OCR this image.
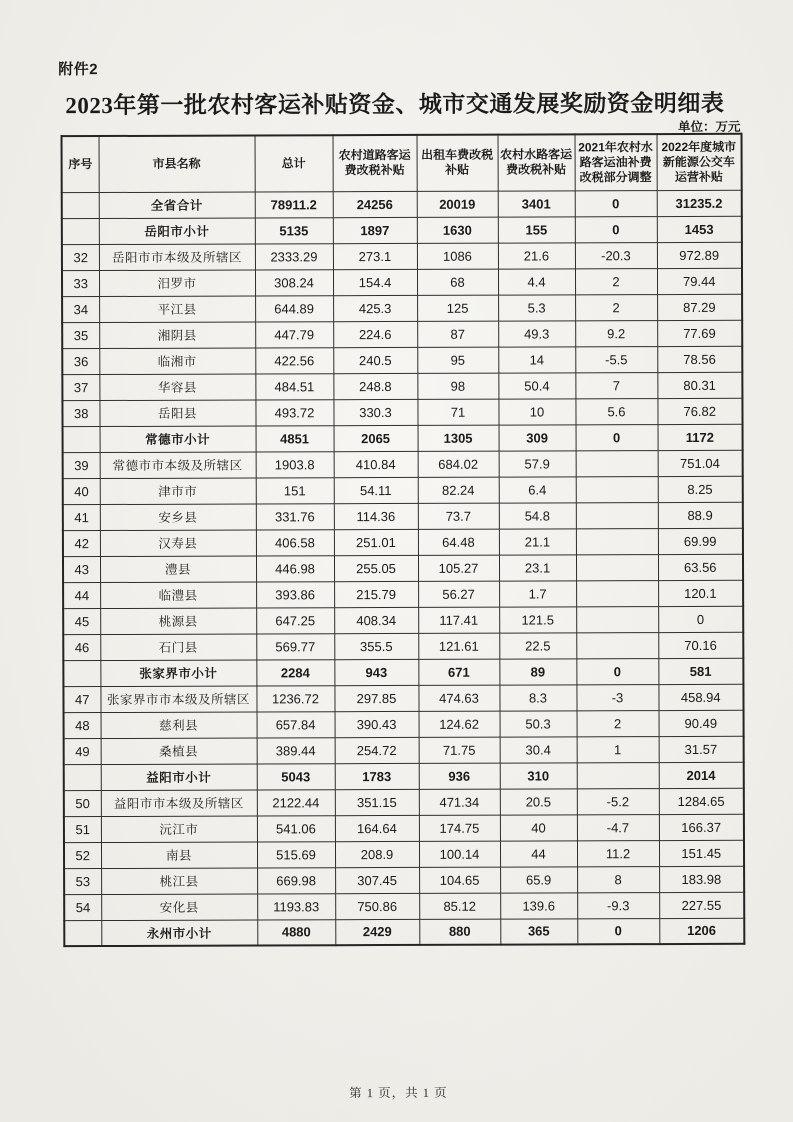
附件2
2023年第一批农村客运补贴资金、城市交通发展奖励资金明细表
单位：万元
序号	市县名称	总计	农村道路客运费改税补贴	出租车费改税补贴	农村水路客运费改税补贴	2021年农村水路客运油补费改税部分调整	2022年度城市新能源公交车运营补贴
	全省合计	78911.2	24256	20019	3401	0	31235.2
	岳阳市小计	5135	1897	1630	155	0	1453
32	岳阳市市本级及所辖区	2333.29	273.1	1086	21.6	-20.3	972.89
33	汨罗市	308.24	154.4	68	4.4	2	79.44
34	平江县	644.89	425.3	125	5.3	2	87.29
35	湘阴县	447.79	224.6	87	49.3	9.2	77.69
36	临湘市	422.56	240.5	95	14	-5.5	78.56
37	华容县	484.51	248.8	98	50.4	7	80.31
38	岳阳县	493.72	330.3	71	10	5.6	76.82
	常德市小计	4851	2065	1305	309	0	1172
39	常德市市本级及所辖区	1903.8	410.84	684.02	57.9		751.04
40	津市市	151	54.11	82.24	6.4		8.25
41	安乡县	331.76	114.36	73.7	54.8		88.9
42	汉寿县	406.58	251.01	64.48	21.1		69.99
43	澧县	446.98	255.05	105.27	23.1		63.56
44	临澧县	393.86	215.79	56.27	1.7		120.1
45	桃源县	647.25	408.34	117.41	121.5		0
46	石门县	569.77	355.5	121.61	22.5		70.16
	张家界市小计	2284	943	671	89	0	581
47	张家界市市本级及所辖区	1236.72	297.85	474.63	8.3	-3	458.94
48	慈利县	657.84	390.43	124.62	50.3	2	90.49
49	桑植县	389.44	254.72	71.75	30.4	1	31.57
	益阳市小计	5043	1783	936	310		2014
50	益阳市市本级及所辖区	2122.44	351.15	471.34	20.5	-5.2	1284.65
51	沅江市	541.06	164.64	174.75	40	-4.7	166.37
52	南县	515.69	208.9	100.14	44	11.2	151.45
53	桃江县	669.98	307.45	104.65	65.9	8	183.98
54	安化县	1193.83	750.86	85.12	139.6	-9.3	227.55
	永州市小计	4880	2429	880	365	0	1206
第 1 页，共 1 页
